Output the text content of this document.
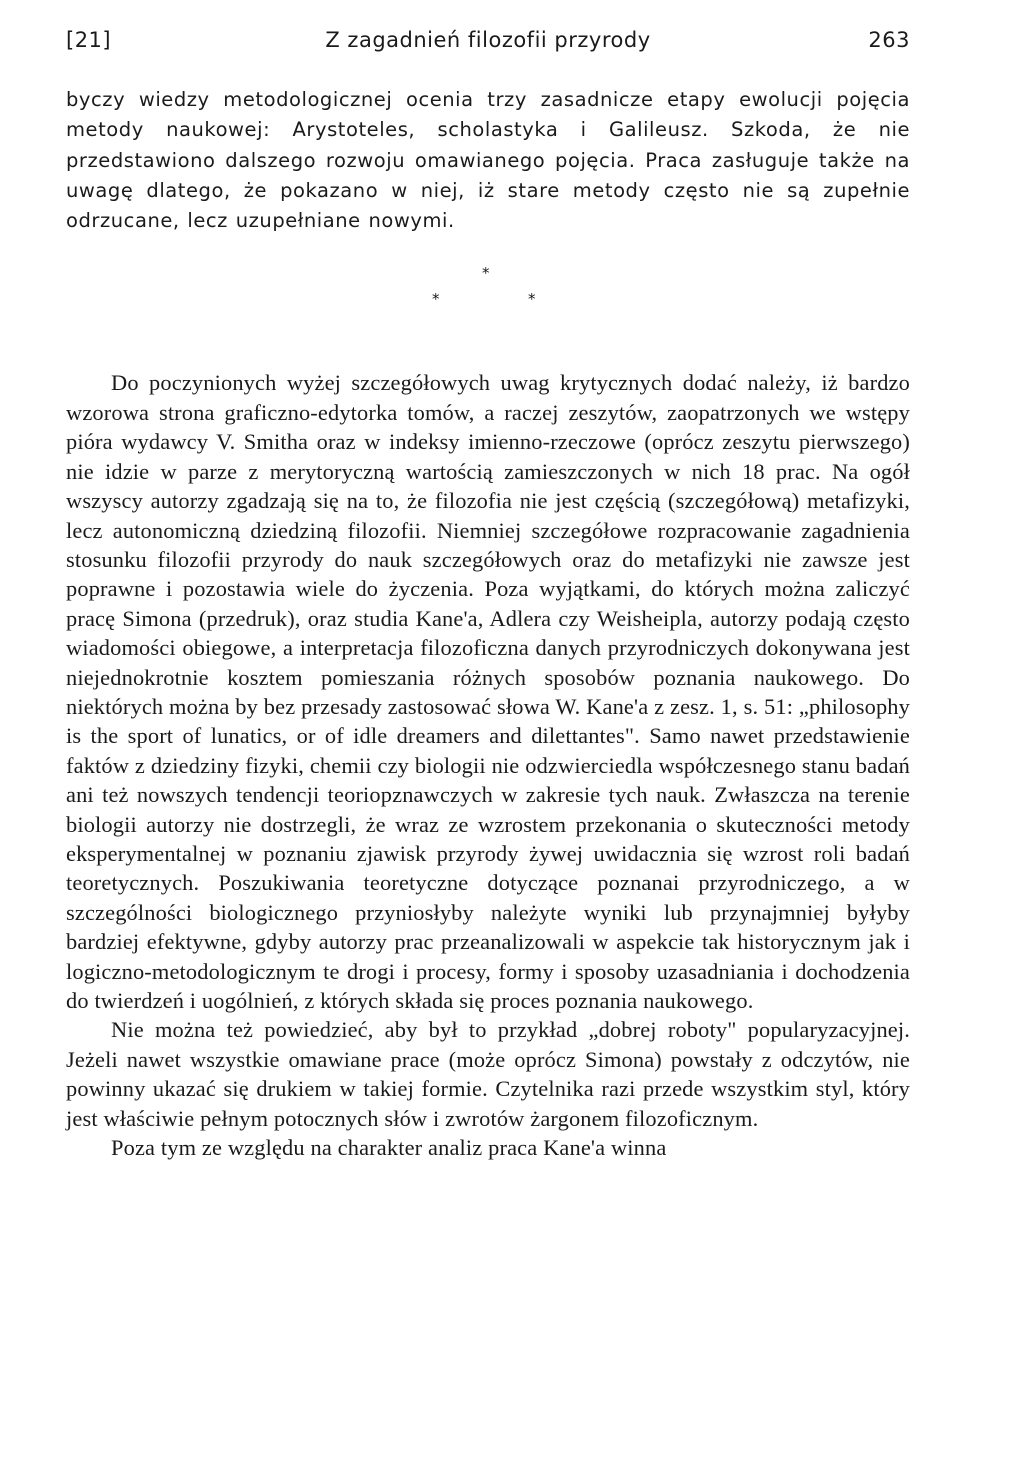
[21]	Z zagadnień filozofii przyrody	263

byczy wiedzy metodologicznej ocenia trzy zasadnicze etapy ewolucji pojęcia metody naukowej: Arystoteles, scholastyka i Galileusz. Szkoda, że nie przedstawiono dalszego rozwoju omawianego pojęcia. Praca zasługuje także na uwagę dlatego, że pokazano w niej, iż stare metody często nie są zupełnie odrzucane, lecz uzupełniane nowymi.

*
*	*

Do poczynionych wyżej szczegółowych uwag krytycznych dodać należy, iż bardzo wzorowa strona graficzno-edytorka tomów, a raczej zeszytów, zaopatrzonych we wstępy pióra wydawcy V. Smitha oraz w indeksy imienno-rzeczowe (oprócz zeszytu pierwszego) nie idzie w parze z merytoryczną wartością zamieszczonych w nich 18 prac. Na ogół wszyscy autorzy zgadzają się na to, że filozofia nie jest częścią (szczegółową) metafizyki, lecz autonomiczną dziedziną filozofii. Niemniej szczegółowe rozpracowanie zagadnienia stosunku filozofii przyrody do nauk szczegółowych oraz do metafizyki nie zawsze jest poprawne i pozostawia wiele do życzenia. Poza wyjątkami, do których można zaliczyć pracę Simona (przedruk), oraz studia Kane'a, Adlera czy Weisheipla, autorzy podają często wiadomości obiegowe, a interpretacja filozoficzna danych przyrodniczych dokonywana jest niejednokrotnie kosztem pomieszania różnych sposobów poznania naukowego. Do niektórych można by bez przesady zastosować słowa W. Kane'a z zesz. 1, s. 51: „philosophy is the sport of lunatics, or of idle dreamers and dilettantes". Samo nawet przedstawienie faktów z dziedziny fizyki, chemii czy biologii nie odzwierciedla współczesnego stanu badań ani też nowszych tendencji teoriopznawczych w zakresie tych nauk. Zwłaszcza na terenie biologii autorzy nie dostrzegli, że wraz ze wzrostem przekonania o skuteczności metody eksperymentalnej w poznaniu zjawisk przyrody żywej uwidacznia się wzrost roli badań teoretycznych. Poszukiwania teoretyczne dotyczące poznanai przyrodniczego, a w szczególności biologicznego przyniosłyby należyte wyniki lub przynajmniej byłyby bardziej efektywne, gdyby autorzy prac przeanalizowali w aspekcie tak historycznym jak i logiczno-metodologicznym te drogi i procesy, formy i sposoby uzasadniania i dochodzenia do twierdzeń i uogólnień, z których składa się proces poznania naukowego.

Nie można też powiedzieć, aby był to przykład „dobrej roboty" popularyzacyjnej. Jeżeli nawet wszystkie omawiane prace (może oprócz Simona) powstały z odczytów, nie powinny ukazać się drukiem w takiej formie. Czytelnika razi przede wszystkim styl, który jest właściwie pełnym potocznych słów i zwrotów żargonem filozoficznym.

Poza tym ze względu na charakter analiz praca Kane'a winna
